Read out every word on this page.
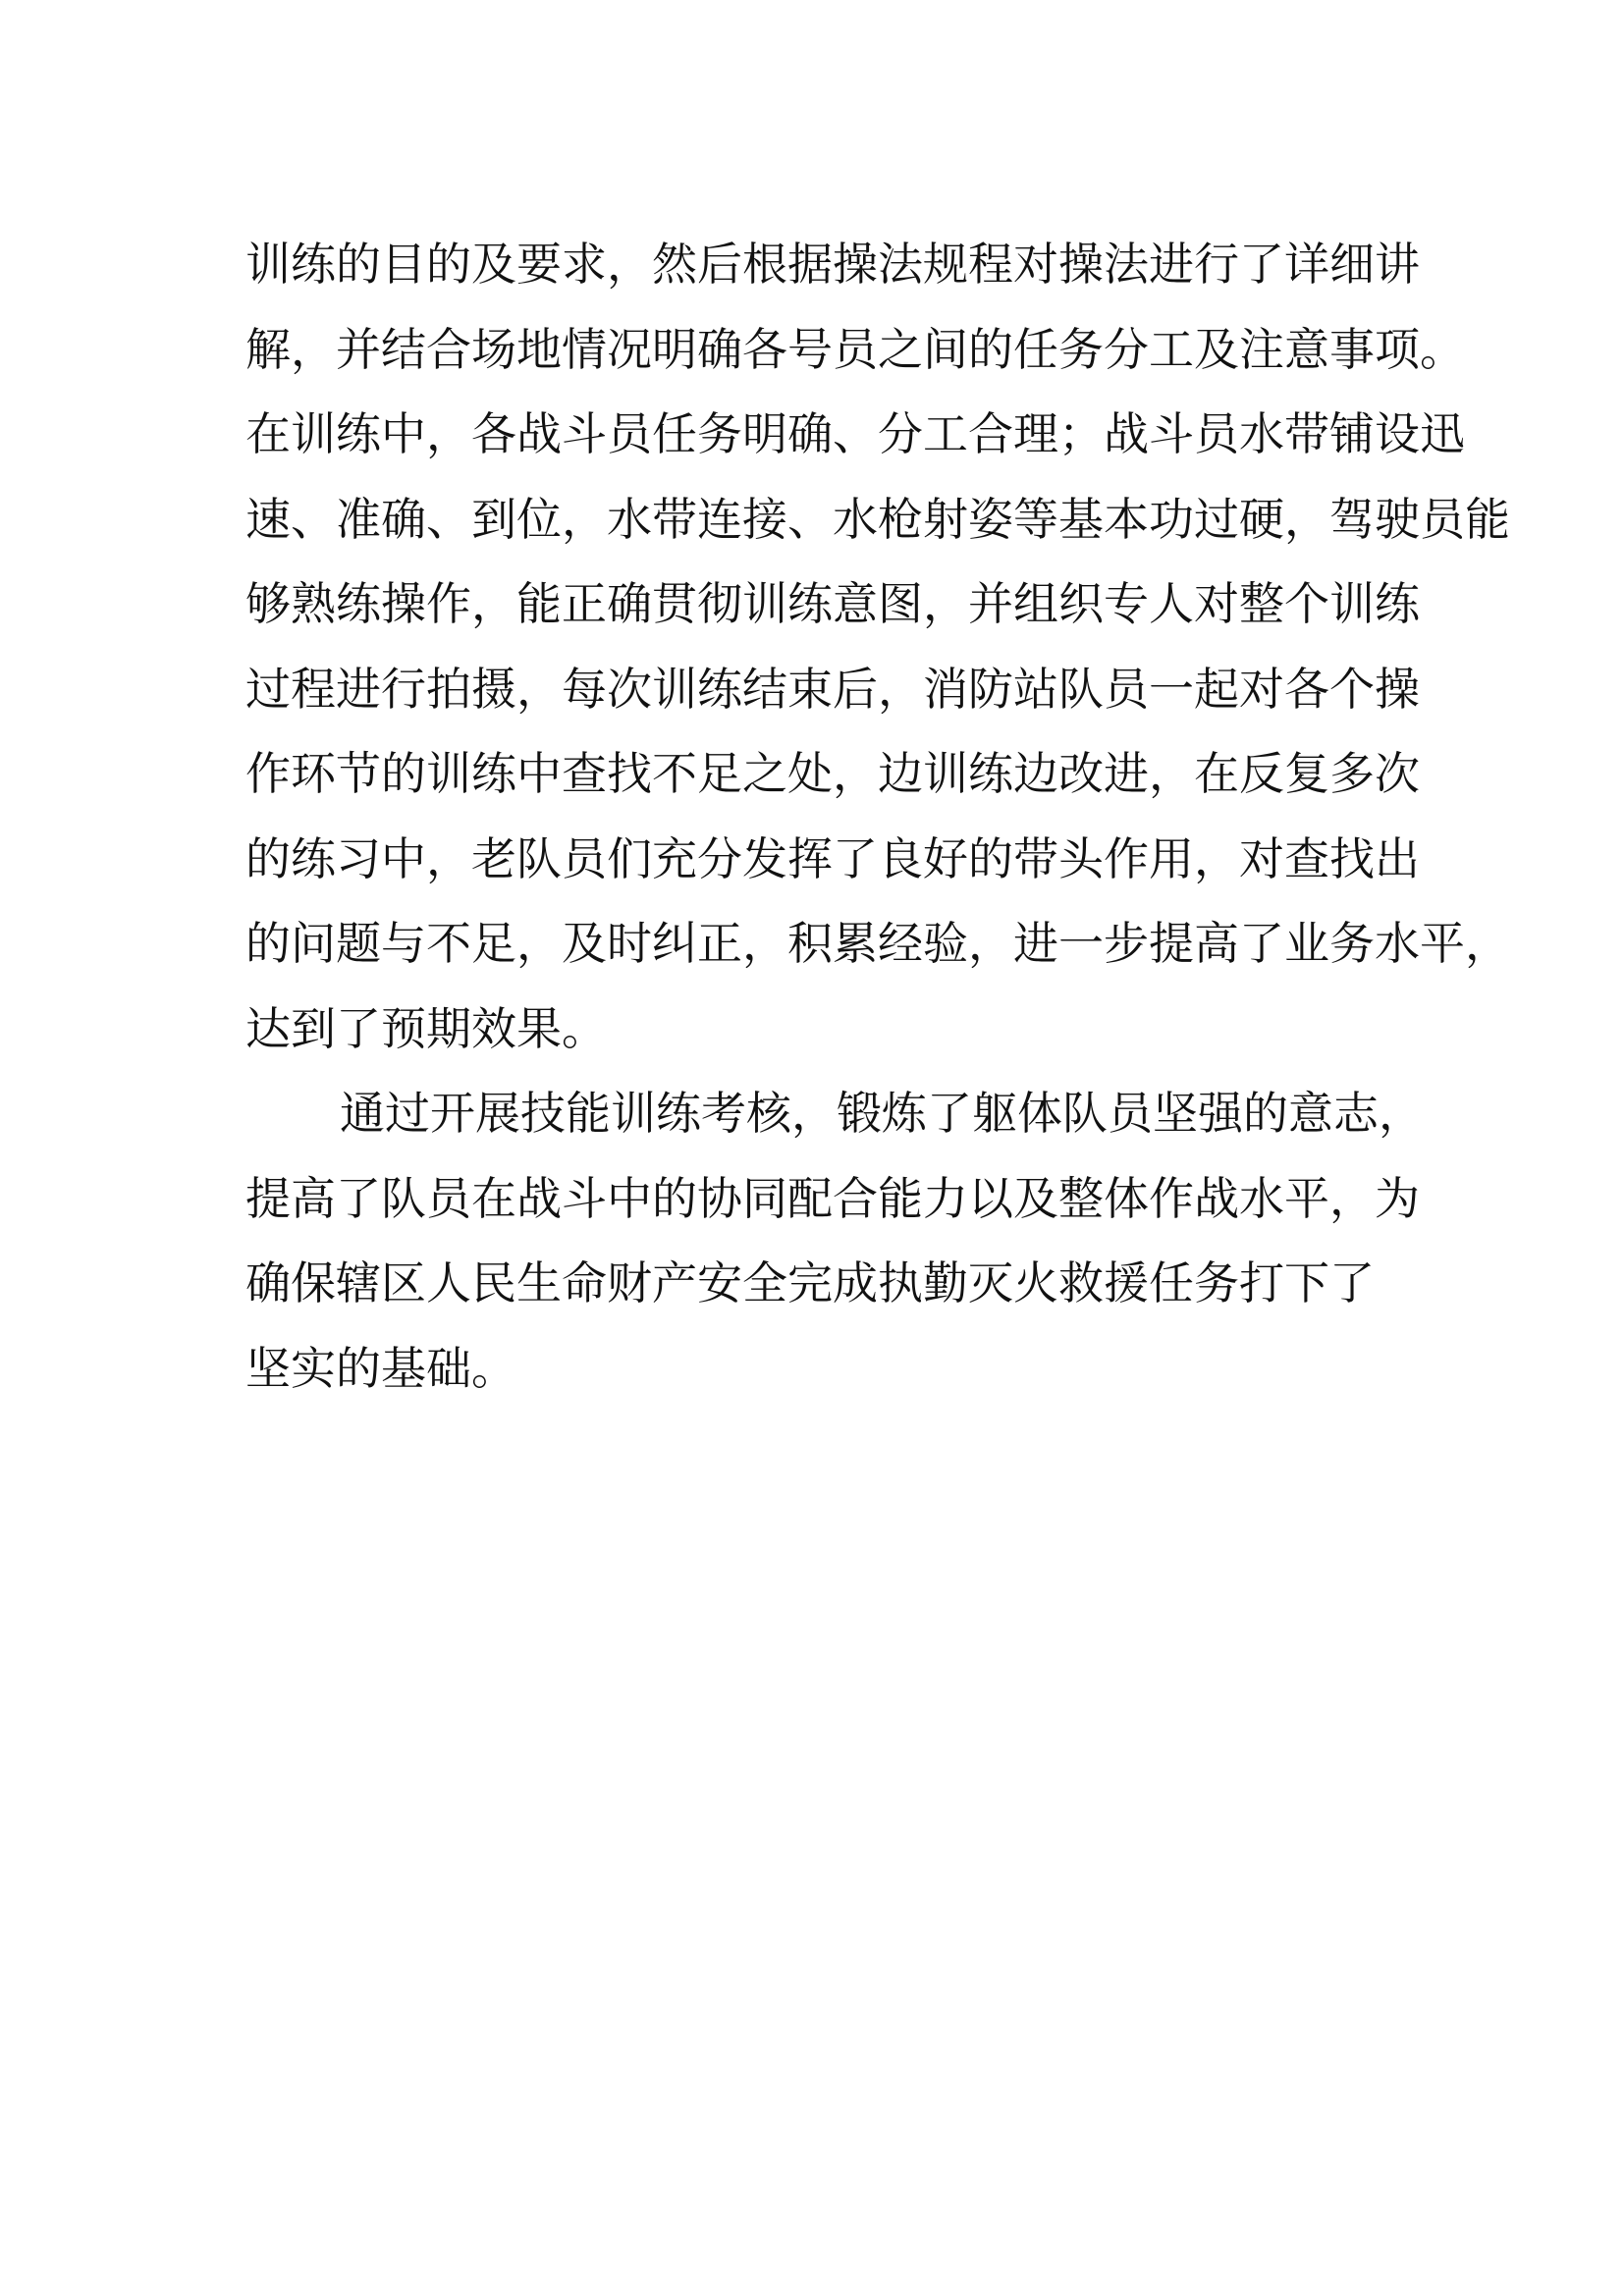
训练的目的及要求，然后根据操法规程对操法进行了详细讲
解，并结合场地情况明确各号员之间的任务分工及注意事项。
在训练中，各战斗员任务明确、分工合理；战斗员水带铺设迅
速、准确、到位，水带连接、水枪射姿等基本功过硬，驾驶员能
够熟练操作，能正确贯彻训练意图，并组织专人对整个训练
过程进行拍摄，每次训练结束后，消防站队员一起对各个操
作环节的训练中查找不足之处，边训练边改进，在反复多次
的练习中，老队员们充分发挥了良好的带头作用，对查找出
的问题与不足，及时纠正，积累经验，进一步提高了业务水平，
达到了预期效果。
通过开展技能训练考核，锻炼了躯体队员坚强的意志，
提高了队员在战斗中的协同配合能力以及整体作战水平，为
确保辖区人民生命财产安全完成执勤灭火救援任务打下了
坚实的基础。
